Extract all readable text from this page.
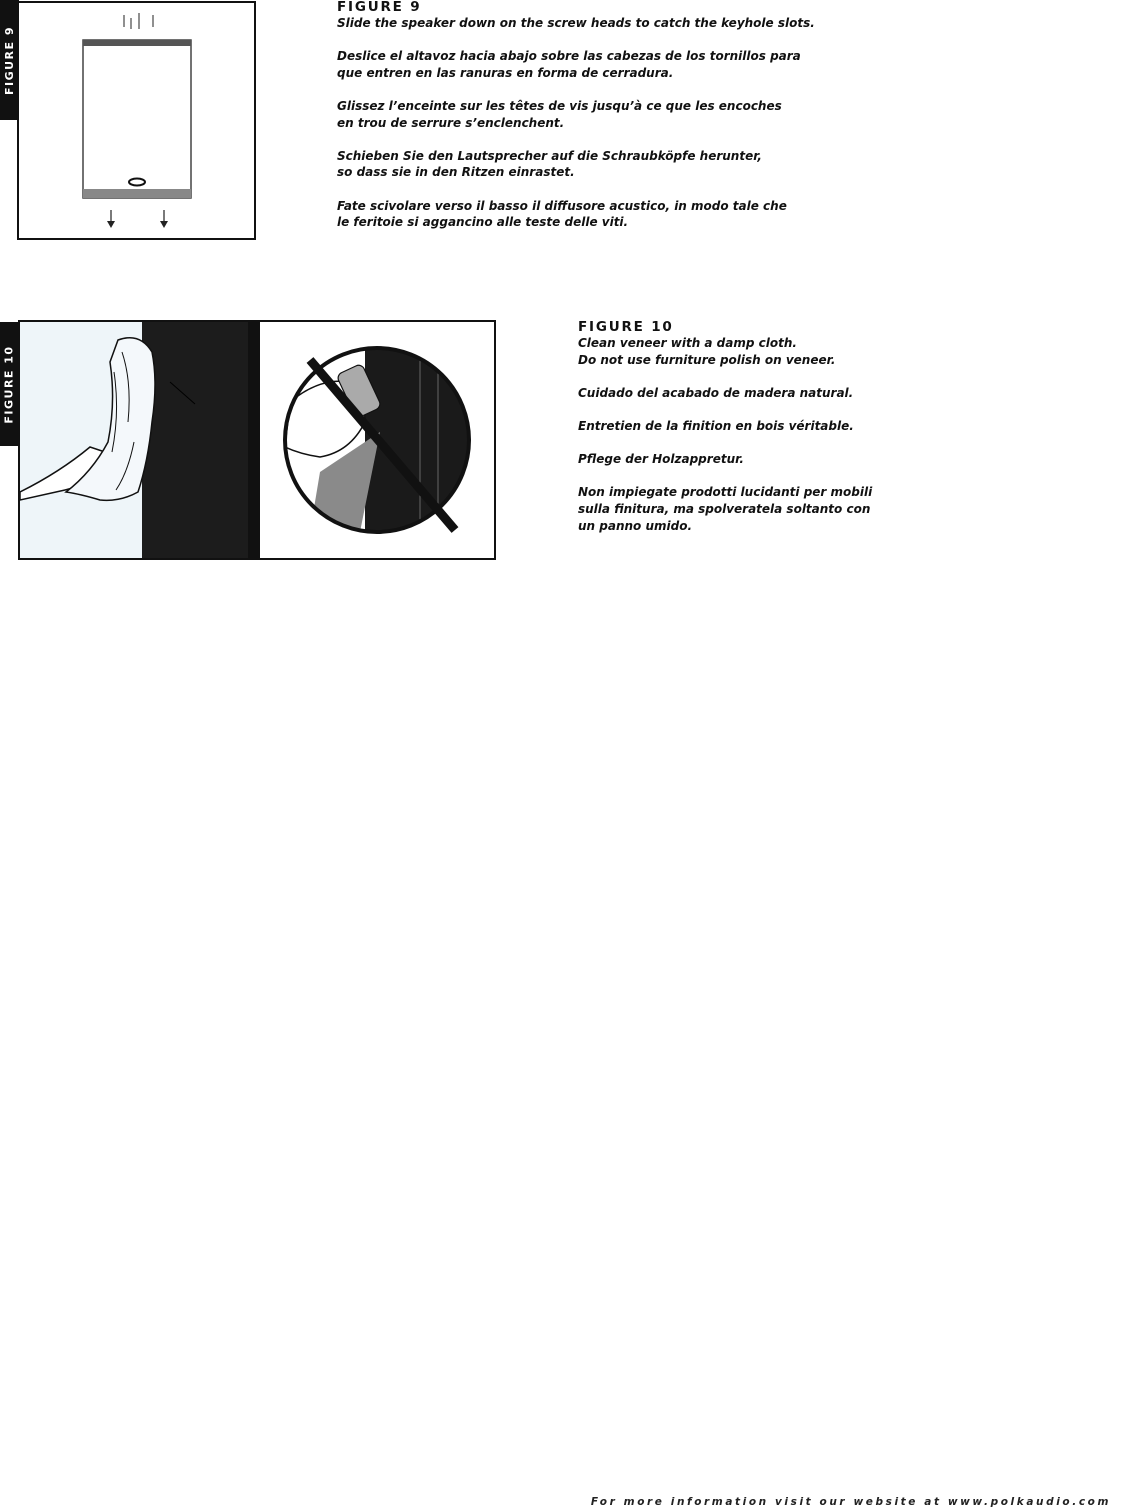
FIGURE 9
FIGURE 9

Slide the speaker down on the screw heads to catch the keyhole slots.

Deslice el altavoz hacia abajo sobre las cabezas de los tornillos para
que entren en las ranuras en forma de cerradura.

Glissez l’enceinte sur les têtes de vis jusqu’à ce que les encoches
en trou de serrure s’enclenchent.

Schieben Sie den Lautsprecher auf die Schraubköpfe herunter,
so dass sie in den Ritzen einrastet.

Fate scivolare verso il basso il diffusore acustico, in modo tale che
le feritoie si aggancino alle teste delle viti.

FIGURE 10
FIGURE 10

Clean veneer with a damp cloth.
Do not use furniture polish on veneer.

Cuidado del acabado de madera natural.

Entretien de la finition en bois véritable.

Pflege der Holzappretur.

Non impiegate prodotti lucidanti per mobili
sulla finitura, ma spolveratela soltanto con
un panno umido.

For more information visit our website at www.polkaudio.com
